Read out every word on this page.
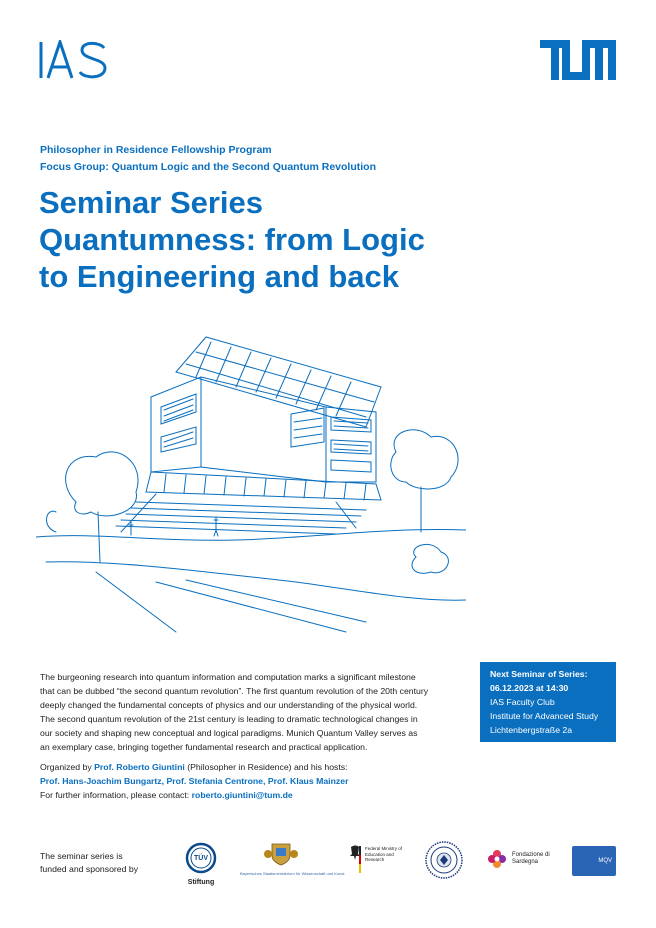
Philosopher in Residence Fellowship Program
Focus Group: Quantum Logic and the Second Quantum Revolution
Seminar Series
Quantumness: from Logic
to Engineering and back
The burgeoning research into quantum information and computation marks a significant milestone
that can be dubbed “the second quantum revolution”. The first quantum revolution of the 20th century
deeply changed the fundamental concepts of physics and our understanding of the physical world.
The second quantum revolution of the 21st century is leading to dramatic technological changes in
our society and shaping new conceptual and logical paradigms. Munich Quantum Valley serves as
an exemplary case, bringing together fundamental research and practical application.
Next Seminar of Series:
06.12.2023 at 14:30
IAS Faculty Club
Institute for Advanced Study
Lichtenbergstraße 2a
Organized by Prof. Roberto Giuntini (Philosopher in Residence) and his hosts:
Prof. Hans-Joachim Bungartz, Prof. Stefania Centrone, Prof. Klaus Mainzer
For further information, please contact: roberto.giuntini@tum.de
The seminar series is
funded and sponsored by
TÜV
Stiftung
Bayerisches Staatsministerium für Wissenschaft und Kunst
Federal Ministry of Education and Research
Fondazione di Sardegna	MQV
